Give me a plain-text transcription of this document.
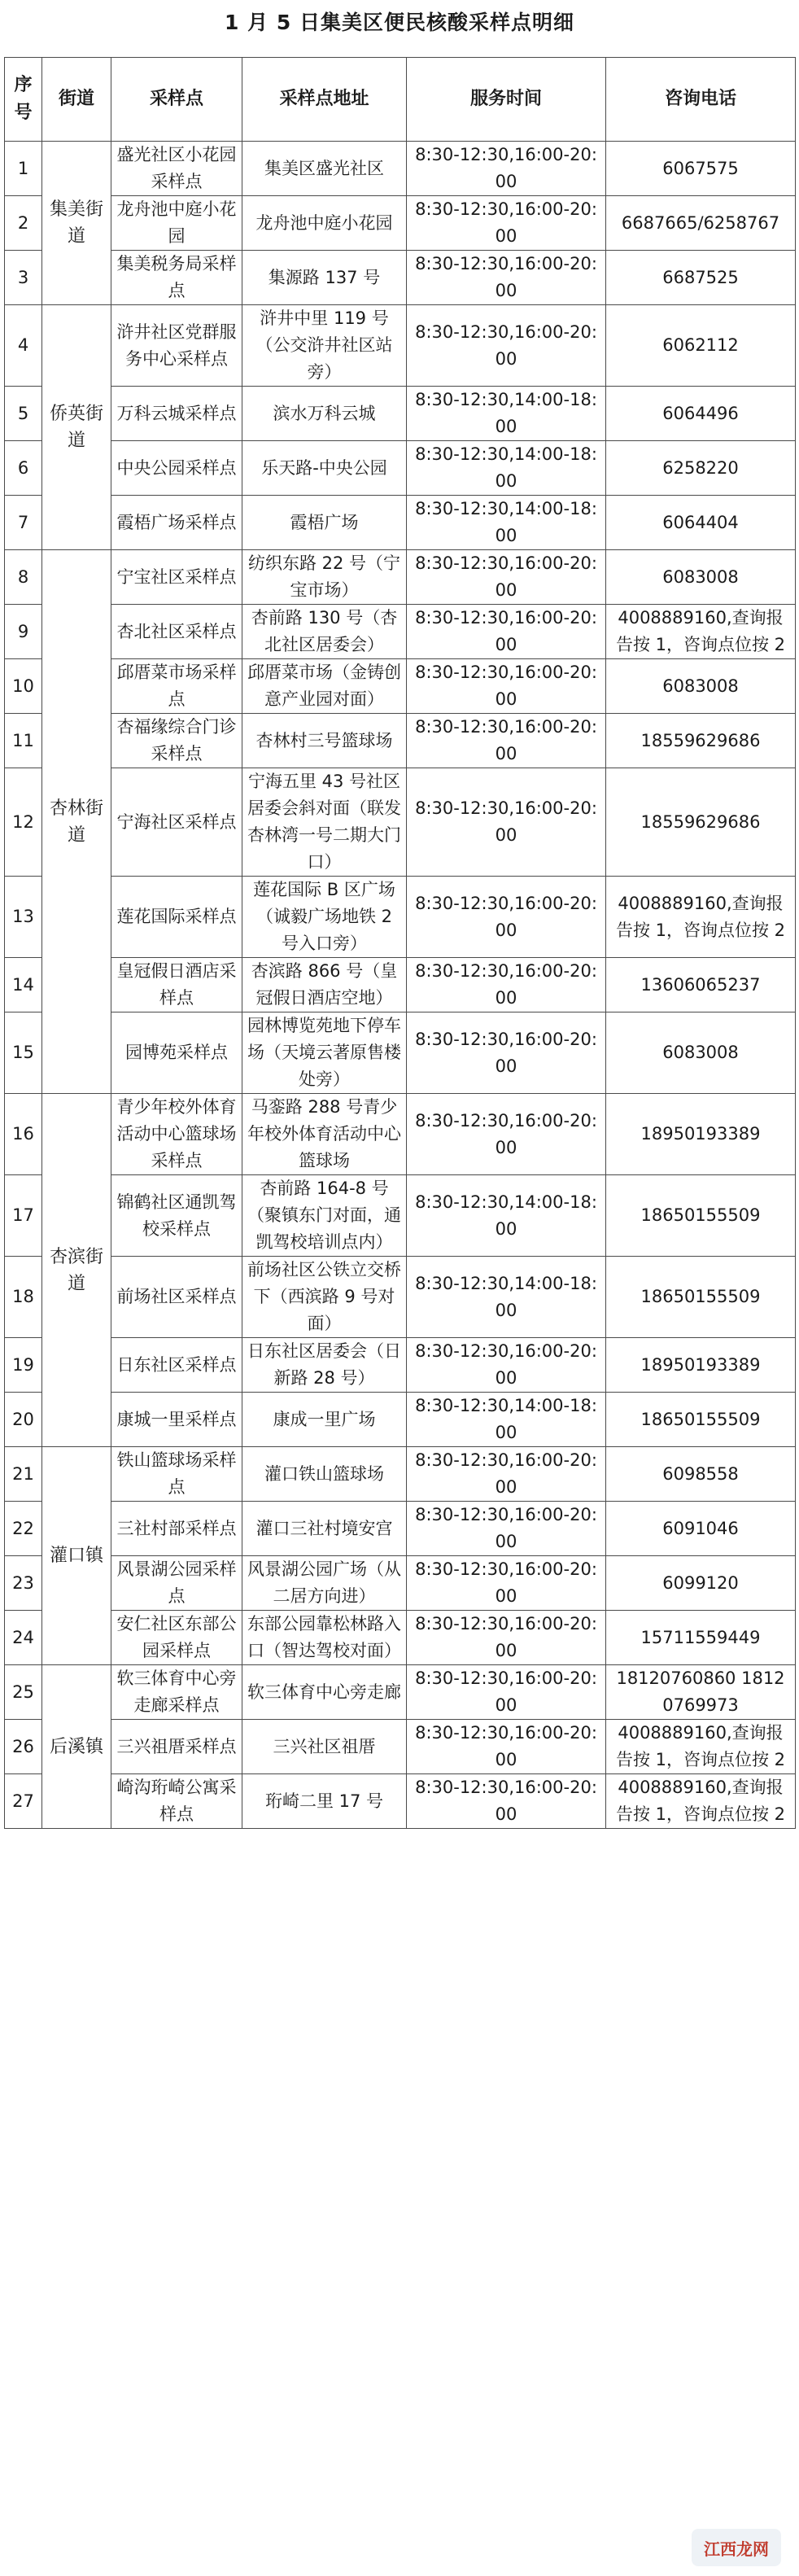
1 月 5 日集美区便民核酸采样点明细
序号	街道	采样点	采样点地址	服务时间	咨询电话
1	集美街道	盛光社区小花园采样点	集美区盛光社区	8:30-12:30,16:00-20:00	6067575
2		龙舟池中庭小花园	龙舟池中庭小花园	8:30-12:30,16:00-20:00	6687665/6258767
3		集美税务局采样点	集源路 137 号	8:30-12:30,16:00-20:00	6687525
4	侨英街道	浒井社区党群服务中心采样点	浒井中里 119 号（公交浒井社区站旁）	8:30-12:30,16:00-20:00	6062112
5		万科云城采样点	滨水万科云城	8:30-12:30,14:00-18:00	6064496
6		中央公园采样点	乐天路-中央公园	8:30-12:30,14:00-18:00	6258220
7		霞梧广场采样点	霞梧广场	8:30-12:30,14:00-18:00	6064404
8	杏林街道	宁宝社区采样点	纺织东路 22 号（宁宝市场）	8:30-12:30,16:00-20:00	6083008
9		杏北社区采样点	杏前路 130 号（杏北社区居委会）	8:30-12:30,16:00-20:00	4008889160,查询报告按 1，咨询点位按 2
10		邱厝菜市场采样点	邱厝菜市场（金铸创意产业园对面）	8:30-12:30,16:00-20:00	6083008
11		杏福缘综合门诊采样点	杏林村三号篮球场	8:30-12:30,16:00-20:00	18559629686
12		宁海社区采样点	宁海五里 43 号社区居委会斜对面（联发杏林湾一号二期大门口）	8:30-12:30,16:00-20:00	18559629686
13		莲花国际采样点	莲花国际 B 区广场（诚毅广场地铁 2 号入口旁）	8:30-12:30,16:00-20:00	4008889160,查询报告按 1，咨询点位按 2
14		皇冠假日酒店采样点	杏滨路 866 号（皇冠假日酒店空地）	8:30-12:30,16:00-20:00	13606065237
15		园博苑采样点	园林博览苑地下停车场（天境云著原售楼处旁）	8:30-12:30,16:00-20:00	6083008
16	杏滨街道	青少年校外体育活动中心篮球场采样点	马銮路 288 号青少年校外体育活动中心篮球场	8:30-12:30,16:00-20:00	18950193389
17		锦鹤社区通凯驾校采样点	杏前路 164-8 号（聚镇东门对面，通凯驾校培训点内）	8:30-12:30,14:00-18:00	18650155509
18		前场社区采样点	前场社区公铁立交桥下（西滨路 9 号对面）	8:30-12:30,14:00-18:00	18650155509
19		日东社区采样点	日东社区居委会（日新路 28 号）	8:30-12:30,16:00-20:00	18950193389
20		康城一里采样点	康成一里广场	8:30-12:30,14:00-18:00	18650155509
21	灌口镇	铁山篮球场采样点	灌口铁山篮球场	8:30-12:30,16:00-20:00	6098558
22		三社村部采样点	灌口三社村境安宫	8:30-12:30,16:00-20:00	6091046
23		风景湖公园采样点	风景湖公园广场（从二居方向进）	8:30-12:30,16:00-20:00	6099120
24		安仁社区东部公园采样点	东部公园靠松林路入口（智达驾校对面）	8:30-12:30,16:00-20:00	15711559449
25	后溪镇	软三体育中心旁走廊采样点	软三体育中心旁走廊	8:30-12:30,16:00-20:00	18120760860 18120769973
26		三兴祖厝采样点	三兴社区祖厝	8:30-12:30,16:00-20:00	4008889160,查询报告按 1，咨询点位按 2
27		崎沟珩崎公寓采样点	珩崎二里 17 号	8:30-12:30,16:00-20:00	4008889160,查询报告按 1，咨询点位按 2
江西龙网
